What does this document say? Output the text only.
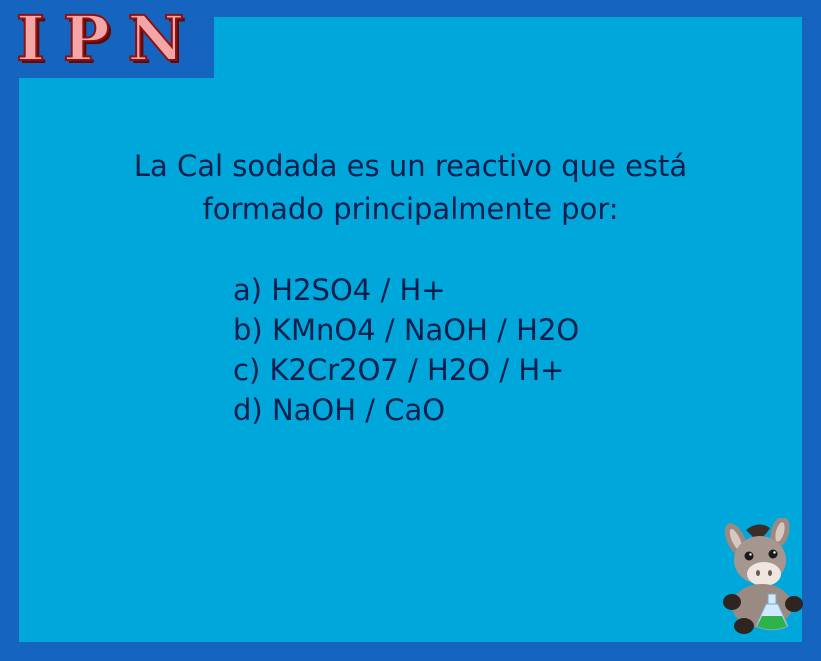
IPN
La Cal sodada es un reactivo que está
formado principalmente por:
a) H2SO4 / H+
b) KMnO4 / NaOH / H2O
c) K2Cr2O7 / H2O / H+
d) NaOH / CaO
